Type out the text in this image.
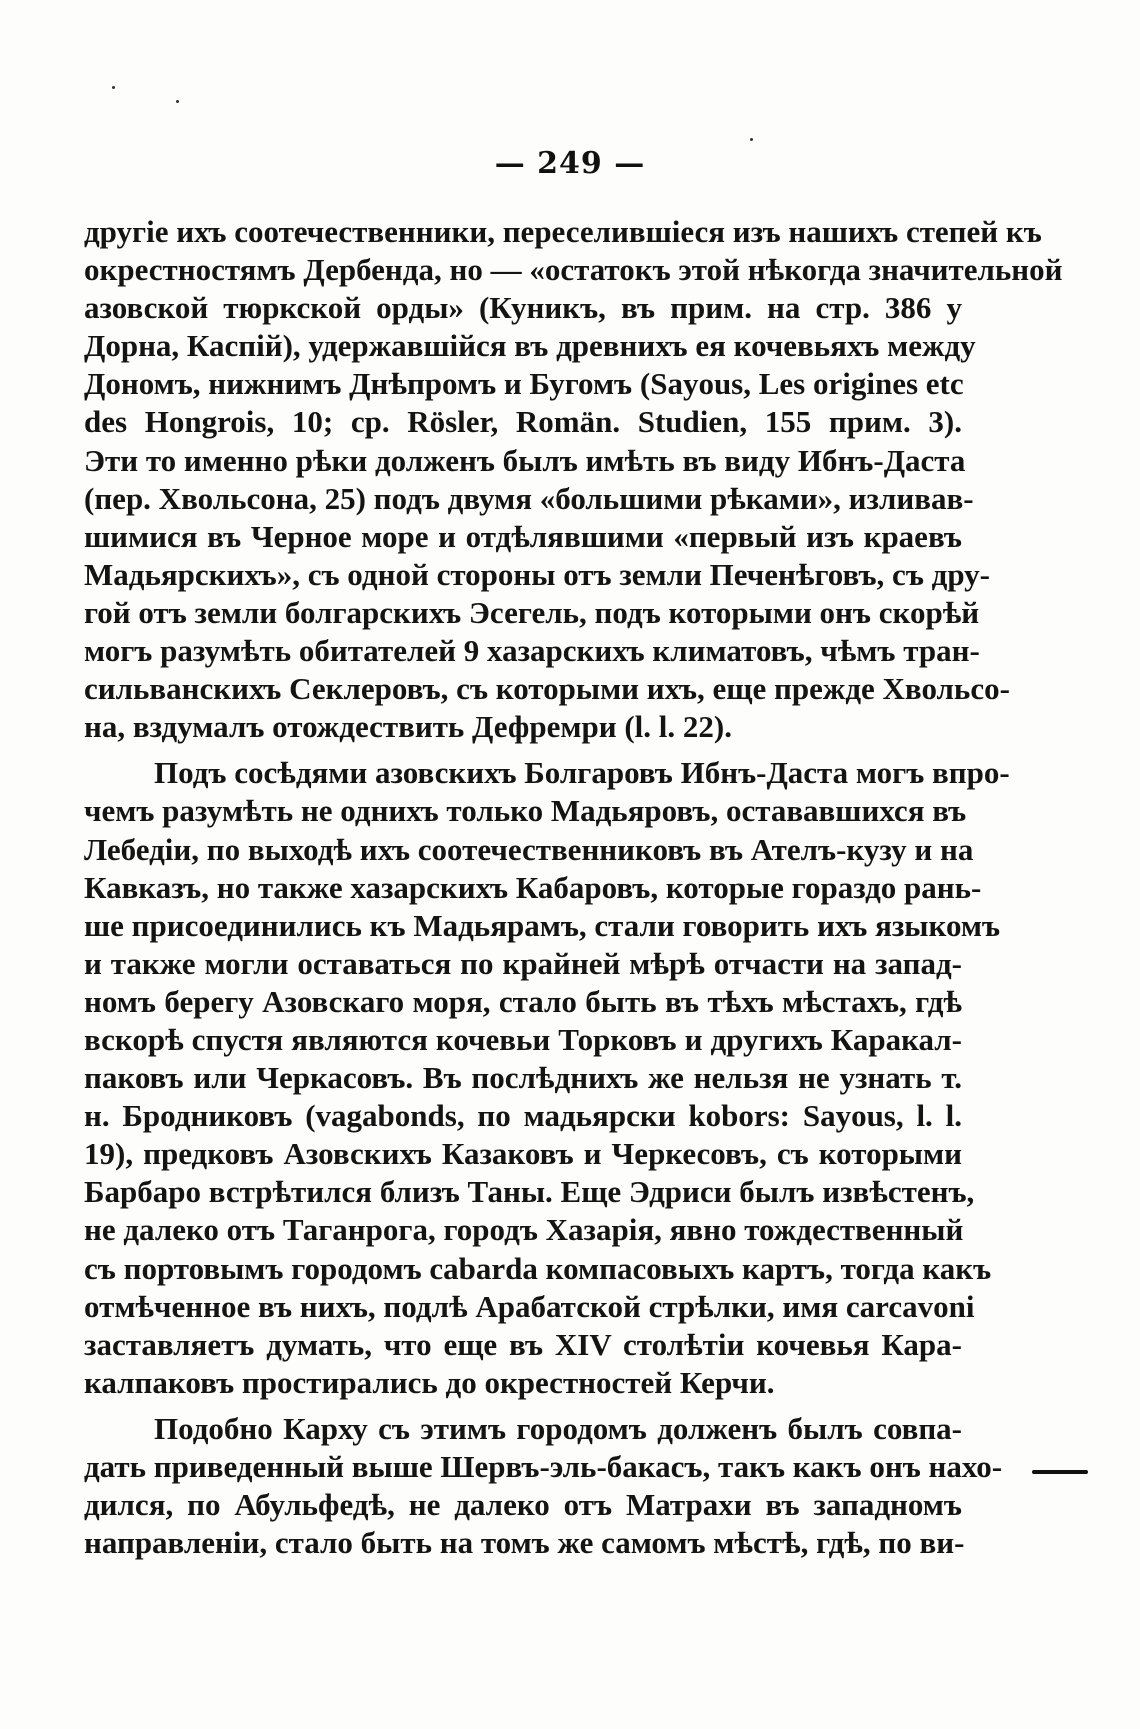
— 249 —
другіе ихъ соотечественники, переселившіеся изъ нашихъ степей къ
окрестностямъ Дербенда, но — «остатокъ этой нѣкогда значительной
азовской тюркской орды» (Куникъ, въ прим. на стр. 386 у
Дорна, Каспій), удержавшійся въ древнихъ ея кочевьяхъ между
Дономъ, нижнимъ Днѣпромъ и Бугомъ (Sayous, Les origines etc
des Hongrois, 10; cp. Rösler, Romän. Studien, 155 прим. 3).
Эти то именно рѣки долженъ былъ имѣть въ виду Ибнъ-Даста
(пер. Хвольсона, 25) подъ двумя «большими рѣками», изливав-
шимися въ Черное море и отдѣлявшими «первый изъ краевъ
Мадьярскихъ», съ одной стороны отъ земли Печенѣговъ, съ дру-
гой отъ земли болгарскихъ Эсегель, подъ которыми онъ скорѣй
могъ разумѣть обитателей 9 хазарскихъ климатовъ, чѣмъ тран-
сильванскихъ Секлеровъ, съ которыми ихъ, еще прежде Хвольсо-
на, вздумалъ отождествить Дефремри (l. l. 22).
Подъ сосѣдями азовскихъ Болгаровъ Ибнъ-Даста могъ впро-
чемъ разумѣть не однихъ только Мадьяровъ, остававшихся въ
Лебедіи, по выходѣ ихъ соотечественниковъ въ Ателъ-кузу и на
Кавказъ, но также хазарскихъ Кабаровъ, которые гораздо рань-
ше присоединились къ Мадьярамъ, стали говорить ихъ языкомъ
и также могли оставаться по крайней мѣрѣ отчасти на запад-
номъ берегу Азовскаго моря, стало быть въ тѣхъ мѣстахъ, гдѣ
вскорѣ спустя являются кочевьи Торковъ и другихъ Каракал-
паковъ или Черкасовъ. Въ послѣднихъ же нельзя не узнать т.
н. Бродниковъ (vagabonds, по мадьярски kobors: Sayous, l. l.
19), предковъ Азовскихъ Казаковъ и Черкесовъ, съ которыми
Барбаро встрѣтился близъ Таны. Еще Эдриси былъ извѣстенъ,
не далеко отъ Таганрога, городъ Хазарія, явно тождественный
съ портовымъ городомъ cabarda компасовыхъ картъ, тогда какъ
отмѣченное въ нихъ, подлѣ Арабатской стрѣлки, имя carcavoni
заставляетъ думать, что еще въ XIV столѣтіи кочевья Кара-
калпаковъ простирались до окрестностей Керчи.
Подобно Карху съ этимъ городомъ долженъ былъ совпа-
дать приведенный выше Шервъ-эль-бакасъ, такъ какъ онъ нахо-
дился, по Абульфедѣ, не далеко отъ Матрахи въ западномъ
направленіи, стало быть на томъ же самомъ мѣстѣ, гдѣ, по ви-
